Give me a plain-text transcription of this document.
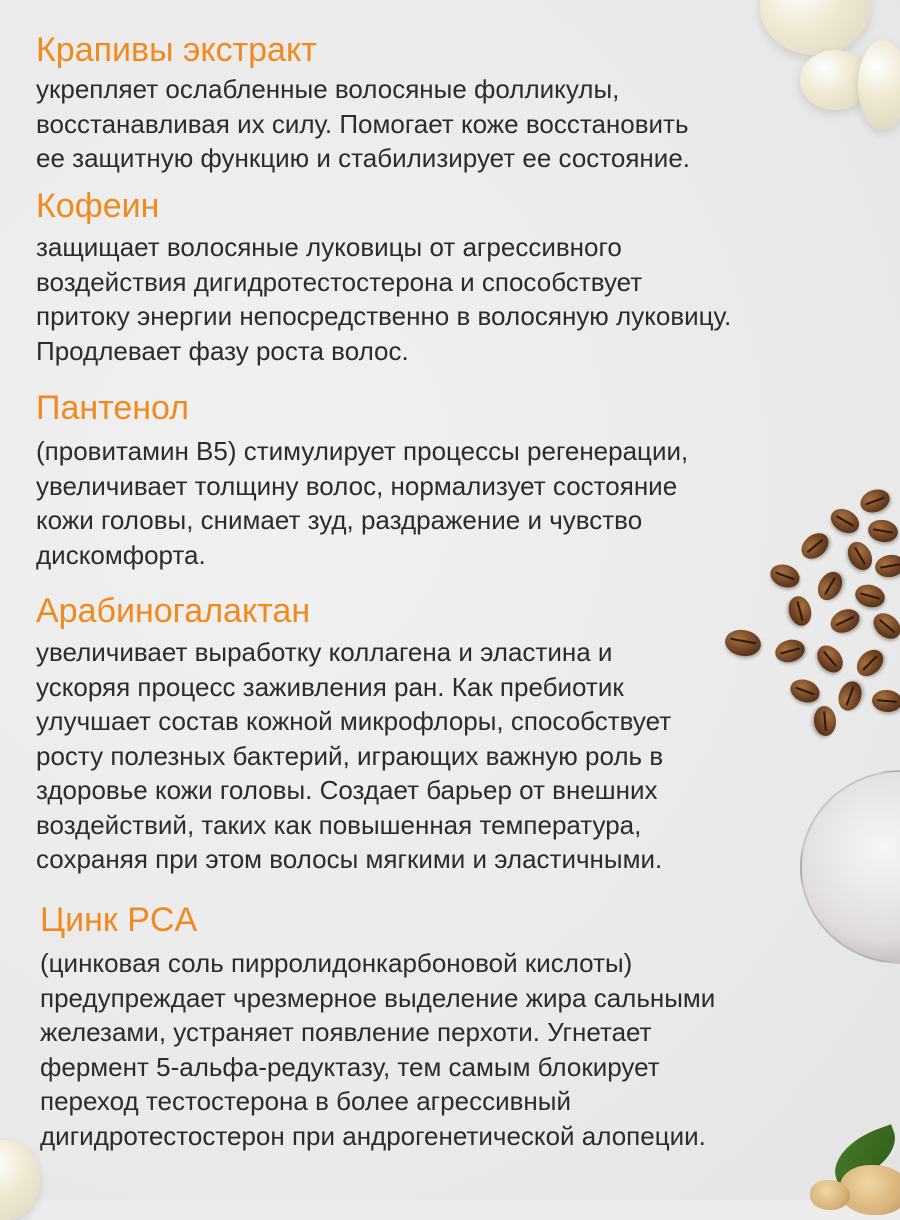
Крапивы экстракт

укрепляет ослабленные волосяные фолликулы,
восстанавливая их силу. Помогает коже восстановить
ее защитную функцию и стабилизирует ее состояние.

Кофеин

защищает волосяные луковицы от агрессивного
воздействия дигидротестостерона и способствует
притоку энергии непосредственно в волосяную луковицу.
Продлевает фазу роста волос.

Пантенол

(провитамин B5) стимулирует процессы регенерации,
увеличивает толщину волос, нормализует состояние
кожи головы, снимает зуд, раздражение и чувство
дискомфорта.

Арабиногалактан

увеличивает выработку коллагена и эластина и
ускоряя процесс заживления ран. Как пребиотик
улучшает состав кожной микрофлоры, способствует
росту полезных бактерий, играющих важную роль в
здоровье кожи головы. Создает барьер от внешних
воздействий, таких как повышенная температура,
сохраняя при этом волосы мягкими и эластичными.

Цинк PCA

(цинковая соль пирролидонкарбоновой кислоты)
предупреждает чрезмерное выделение жира сальными
железами, устраняет появление перхоти. Угнетает
фермент 5-альфа-редуктазу, тем самым блокирует
переход тестостерона в более агрессивный
дигидротестостерон при андрогенетической алопеции.
